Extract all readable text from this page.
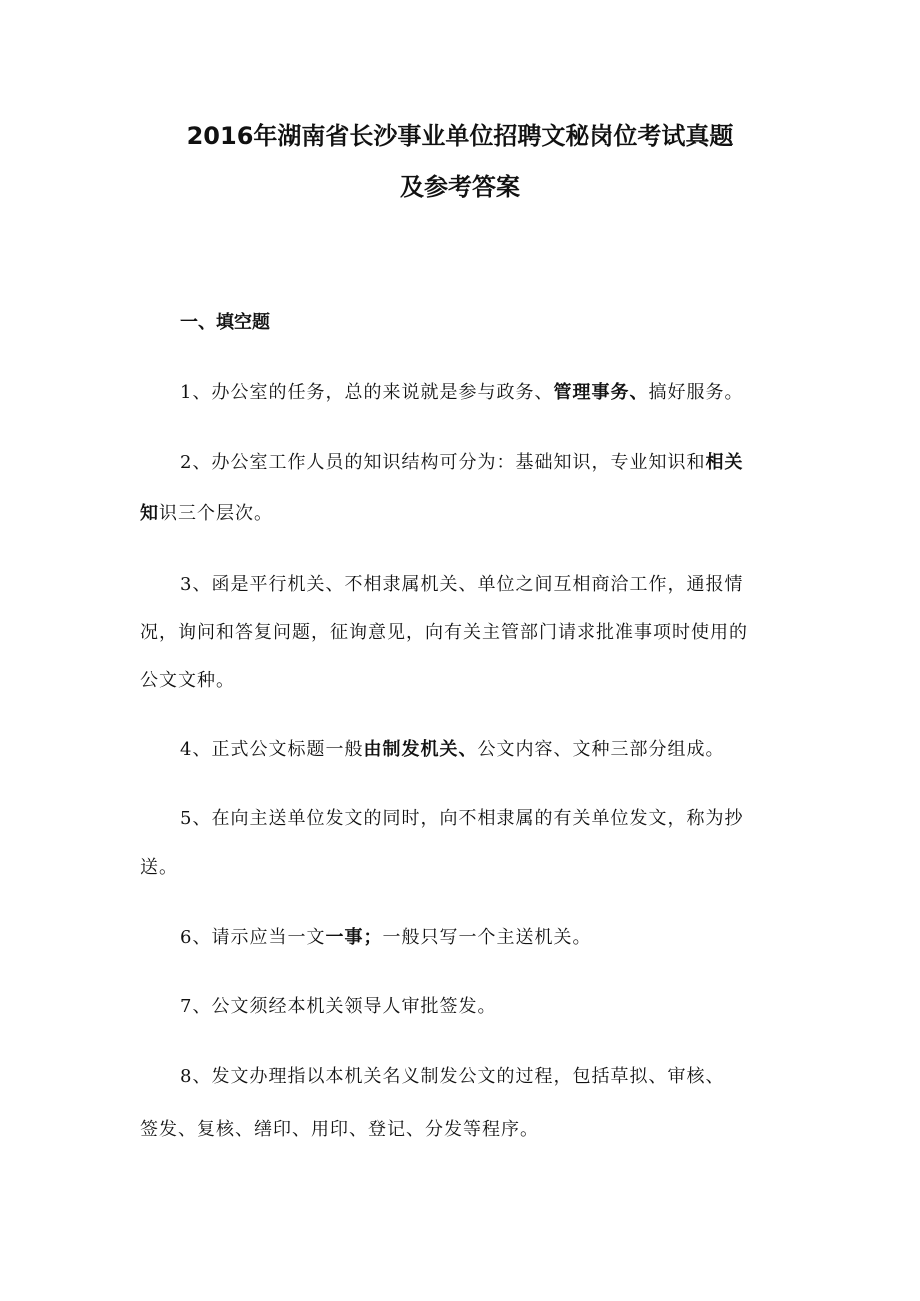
2016年湖南省长沙事业单位招聘文秘岗位考试真题
及参考答案
一、填空题
1、办公室的任务，总的来说就是参与政务、管理事务、搞好服务。
2、办公室工作人员的知识结构可分为：基础知识，专业知识和相关
知识三个层次。
3、函是平行机关、不相隶属机关、单位之间互相商洽工作，通报情
况，询问和答复问题，征询意见，向有关主管部门请求批准事项时使用的
公文文种。
4、正式公文标题一般由制发机关、公文内容、文种三部分组成。
5、在向主送单位发文的同时，向不相隶属的有关单位发文，称为抄
送。
6、请示应当一文一事；一般只写一个主送机关。
7、公文须经本机关领导人审批签发。
8、发文办理指以本机关名义制发公文的过程，包括草拟、审核、
签发、复核、缮印、用印、登记、分发等程序。
